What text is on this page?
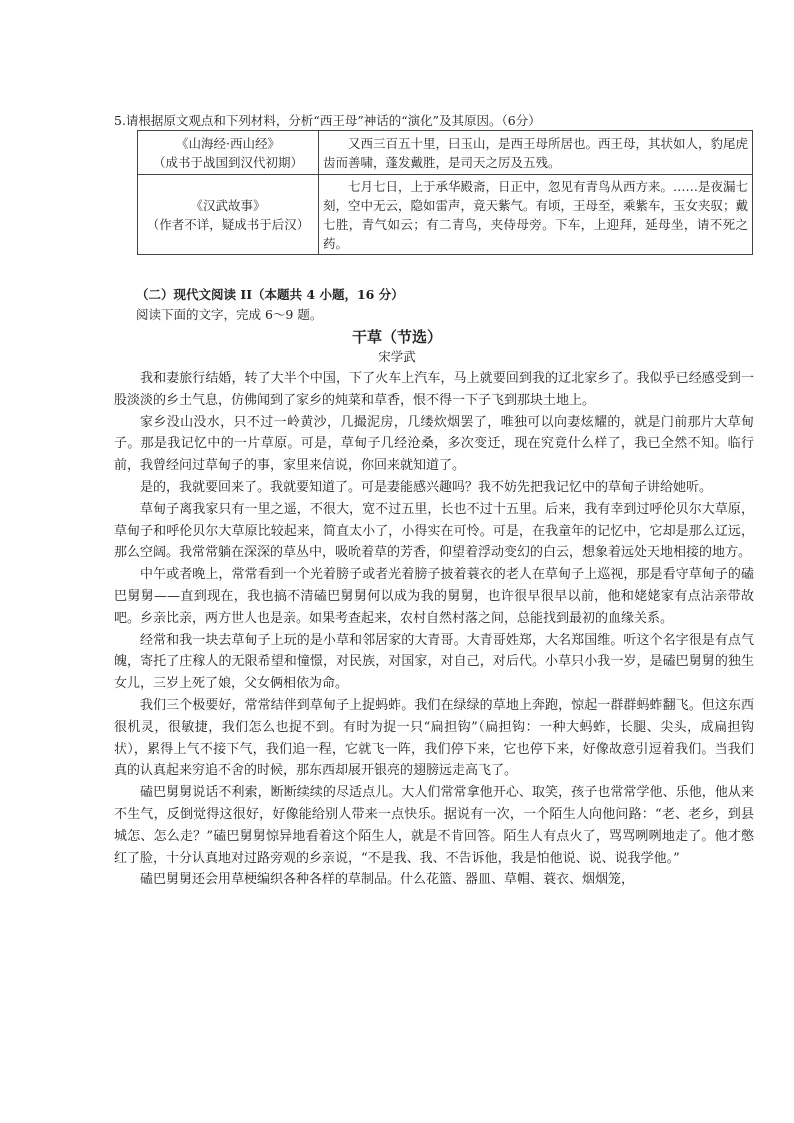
5.请根据原文观点和下列材料，分析“西王母”神话的“演化”及其原因。（6分）
《山海经·西山经》
（成书于战国到汉代初期）	又西三百五十里，曰玉山，是西王母所居也。西王母，其状如人，豹尾虎齿而善啸，蓬发戴胜，是司天之厉及五残。

《汉武故事》
（作者不详，疑成书于后汉）	七月七日，上于承华殿斋，日正中，忽见有青鸟从西方来。……是夜漏七刻，空中无云，隐如雷声，竟天紫气。有顷，王母至，乘紫车，玉女夹驭；戴七胜，青气如云；有二青鸟，夹侍母旁。下车，上迎拜，延母坐，请不死之药。
（二）现代文阅读 II（本题共 4 小题，16 分）
阅读下面的文字，完成 6～9 题。
干草（节选）
宋学武

我和妻旅行结婚，转了大半个中国，下了火车上汽车，马上就要回到我的辽北家乡了。我似乎已经感受到一股淡淡的乡土气息，仿佛闻到了家乡的炖菜和草香，恨不得一下子飞到那块土地上。

家乡没山没水，只不过一岭黄沙，几撮泥房，几缕炊烟罢了，唯独可以向妻炫耀的，就是门前那片大草甸子。那是我记忆中的一片草原。可是，草甸子几经沧桑，多次变迁，现在究竟什么样了，我已全然不知。临行前，我曾经问过草甸子的事，家里来信说，你回来就知道了。

是的，我就要回来了。我就要知道了。可是妻能感兴趣吗？我不妨先把我记忆中的草甸子讲给她听。

草甸子离我家只有一里之遥，不很大，宽不过五里，长也不过十五里。后来，我有幸到过呼伦贝尔大草原，草甸子和呼伦贝尔大草原比较起来，简直太小了，小得实在可怜。可是，在我童年的记忆中，它却是那么辽远，那么空阔。我常常躺在深深的草丛中，吸吮着草的芳香，仰望着浮动变幻的白云，想象着远处天地相接的地方。

中午或者晚上，常常看到一个光着膀子或者光着膀子披着蓑衣的老人在草甸子上巡视，那是看守草甸子的磕巴舅舅——直到现在，我也搞不清磕巴舅舅何以成为我的舅舅，也许很早很早以前，他和姥姥家有点沾亲带故吧。乡亲比亲，两方世人也是亲。如果考查起来，农村自然村落之间，总能找到最初的血缘关系。

经常和我一块去草甸子上玩的是小草和邻居家的大青哥。大青哥姓郑，大名郑国维。听这个名字很是有点气魄，寄托了庄稼人的无限希望和憧憬，对民族，对国家，对自己，对后代。小草只小我一岁，是磕巴舅舅的独生女儿，三岁上死了娘，父女俩相依为命。

我们三个极要好，常常结伴到草甸子上捉蚂蚱。我们在绿绿的草地上奔跑，惊起一群群蚂蚱翻飞。但这东西很机灵，很敏捷，我们怎么也捉不到。有时为捉一只“扁担钩”（扁担钩：一种大蚂蚱，长腿、尖头，成扁担钩状），累得上气不接下气，我们追一程，它就飞一阵，我们停下来，它也停下来，好像故意引逗着我们。当我们真的认真起来穷追不舍的时候，那东西却展开银亮的翅膀远走高飞了。

磕巴舅舅说话不利索，断断续续的尽适点儿。大人们常常拿他开心、取笑，孩子也常常学他、乐他，他从来不生气，反倒觉得这很好，好像能给别人带来一点快乐。据说有一次，一个陌生人向他问路：“老、老乡，到县城怎、怎么走？”磕巴舅舅惊异地看着这个陌生人，就是不肯回答。陌生人有点火了，骂骂咧咧地走了。他才憋红了脸，十分认真地对过路旁观的乡亲说，“不是我、我、不告诉他，我是怕他说、说、说我学他。”

磕巴舅舅还会用草梗编织各种各样的草制品。什么花篮、器皿、草帽、蓑衣、烟烟笼，
